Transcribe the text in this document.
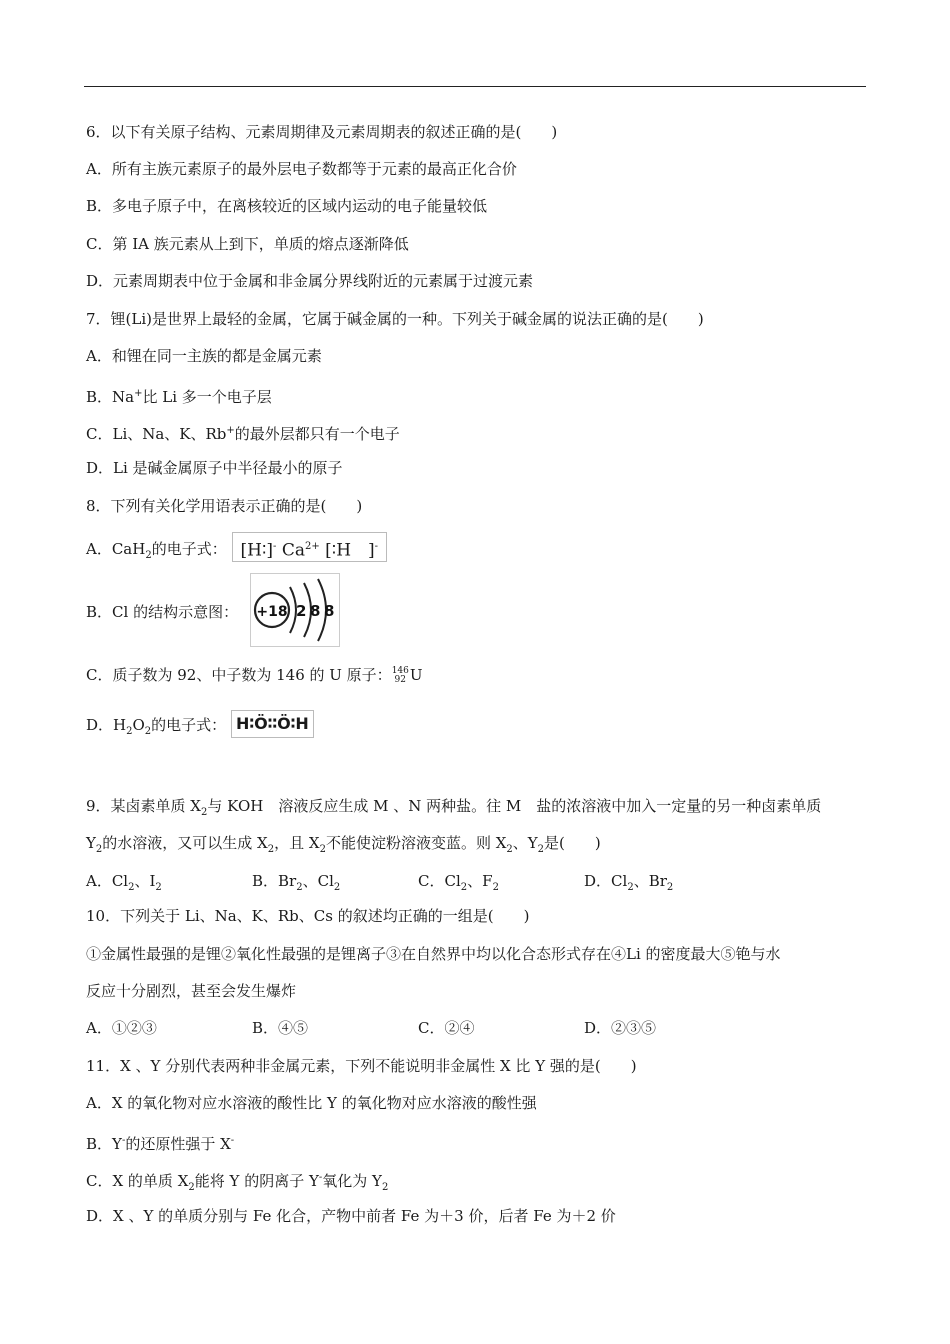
6．以下有关原子结构、元素周期律及元素周期表的叙述正确的是(　　)
A．所有主族元素原子的最外层电子数都等于元素的最高正化合价
B．多电子原子中，在离核较近的区域内运动的电子能量较低
C．第 IA 族元素从上到下，单质的熔点逐渐降低
D．元素周期表中位于金属和非金属分界线附近的元素属于过渡元素
7．锂(Li)是世界上最轻的金属，它属于碱金属的一种。下列关于碱金属的说法正确的是(　　)
A．和锂在同一主族的都是金属元素
B．Na+比 Li 多一个电子层
C．Li、Na、K、Rb+的最外层都只有一个电子
D．Li 是碱金属原子中半径最小的原子
8．下列有关化学用语表示正确的是(　　)
A．CaH$_2$的电子式： [H∶]- $Ca^{2+}$ [∶H　]-
B．Cl 的结构示意图： +18 2 8 8
C．质子数为 92、中子数为 146 的 U 原子：146
92 U
D．$H_2O_2$的电子式： H∶Ö∶∶Ö∶H
9．某卤素单质 $X_2$与 KOH　溶液反应生成 M 、N 两种盐。往 M　盐的浓溶液中加入一定量的另一种卤素单质
$Y_2$的水溶液，又可以生成 $X_2$，且 $X_2$不能使淀粉溶液变蓝。则 $X_2$、$Y_2$是(　　)
A．$Cl_2$、$I_2$	B．$Br_2$、$Cl_2$	C．$Cl_2$、$F_2$	D．$Cl_2$、$Br_2$
10．下列关于 Li、Na、K、Rb、Cs 的叙述均正确的一组是(　　)
①金属性最强的是锂②氧化性最强的是锂离子③在自然界中均以化合态形式存在④Li 的密度最大⑤铯与水
反应十分剧烈，甚至会发生爆炸
A．①②③	B．④⑤	C．②④	D．②③⑤
11．X 、Y 分别代表两种非金属元素，下列不能说明非金属性 X 比 Y 强的是(　　)
A．X 的氧化物对应水溶液的酸性比 Y 的氧化物对应水溶液的酸性强
B．Y-的还原性强于 X-
C．X 的单质 $X_2$能将 Y 的阴离子 Y-氧化为 $Y_2$
D．X 、Y 的单质分别与 Fe 化合，产物中前者 Fe 为＋3 价，后者 Fe 为＋2 价
